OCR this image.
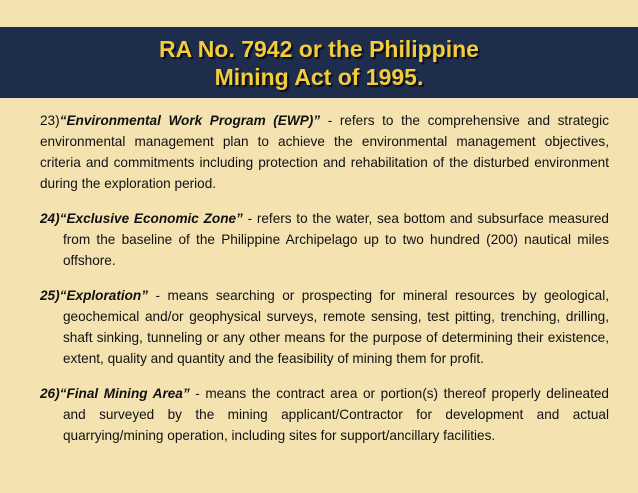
RA No. 7942 or the Philippine
Mining Act of 1995.

23)“Environmental Work Program (EWP)” - refers to the comprehensive and strategic environmental management plan to achieve the environmental management objectives, criteria and commitments including protection and rehabilitation of the disturbed environment during the exploration period.

24)“Exclusive Economic Zone” - refers to the water, sea bottom and subsurface measured from the baseline of the Philippine Archipelago up to two hundred (200) nautical miles offshore.

25)“Exploration” - means searching or prospecting for mineral resources by geological, geochemical and/or geophysical surveys, remote sensing, test pitting, trenching, drilling, shaft sinking, tunneling or any other means for the purpose of determining their existence, extent, quality and quantity and the feasibility of mining them for profit.

26)“Final Mining Area” - means the contract area or portion(s) thereof properly delineated and surveyed by the mining applicant/Contractor for development and actual quarrying/mining operation, including sites for support/ancillary facilities.
